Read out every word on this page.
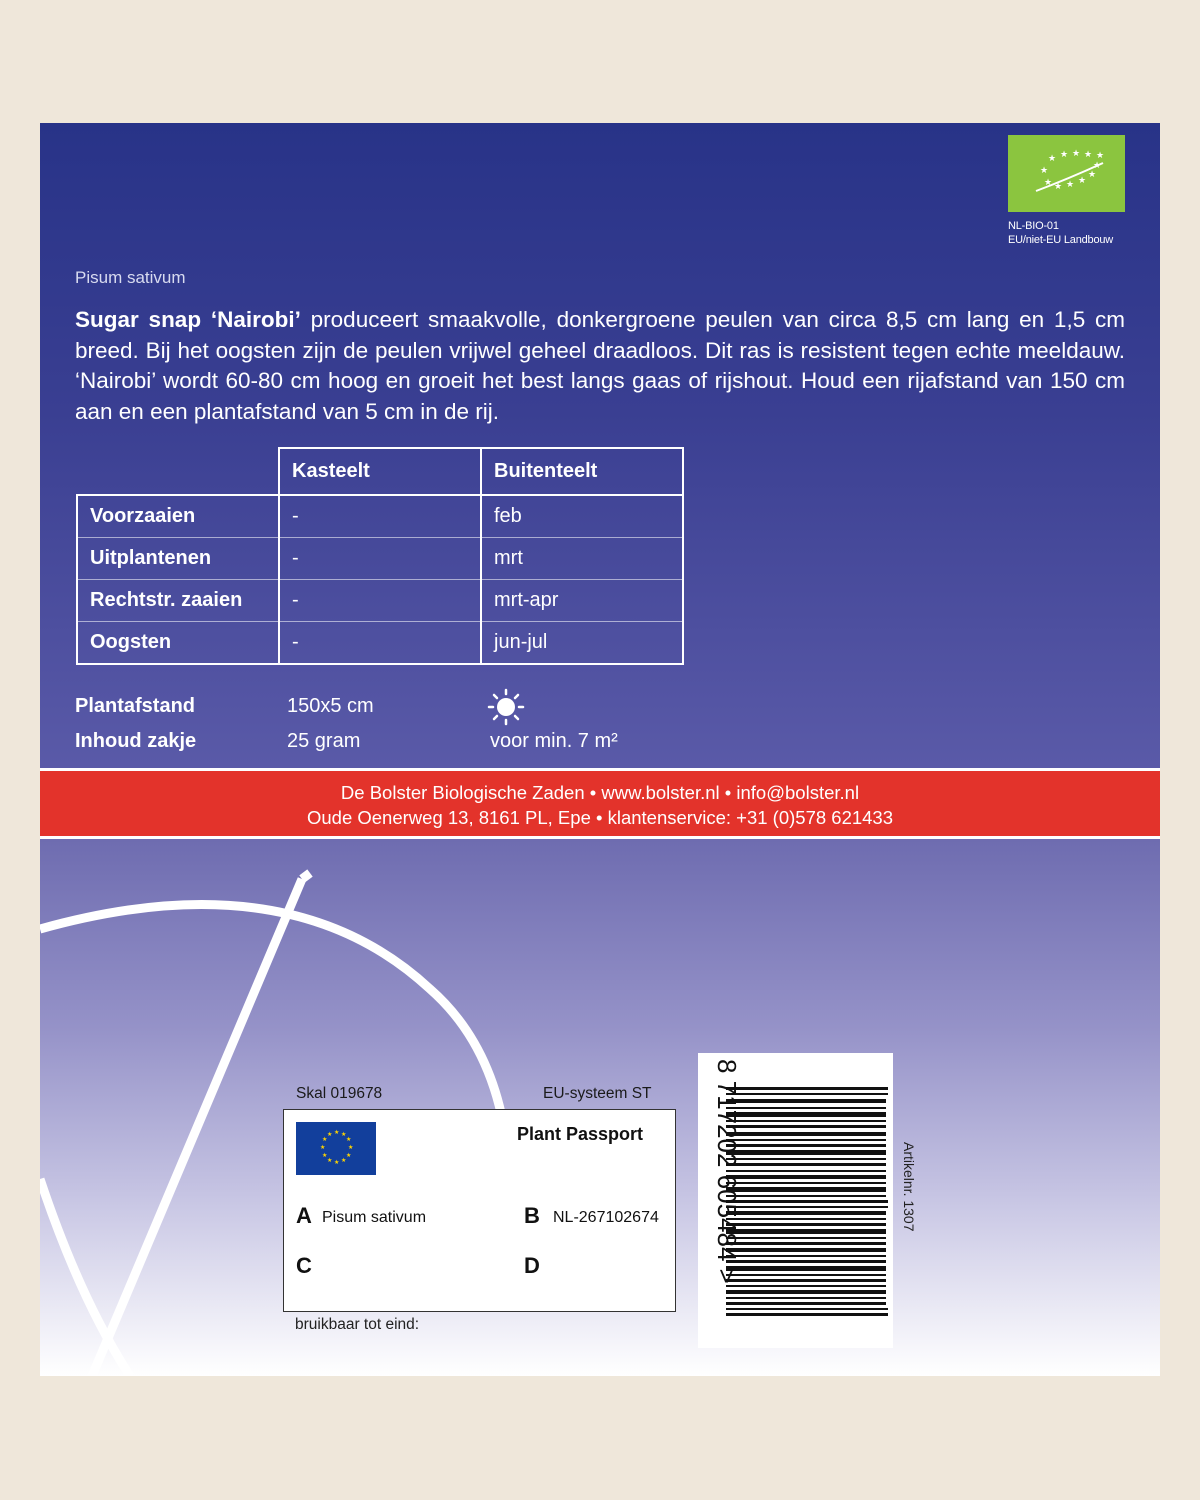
★ ★ ★ ★ ★
★
★
★
★
★
★
★
NL-BIO-01
EU/niet-EU Landbouw
Pisum sativum
Sugar snap ‘Nairobi’ produceert smaakvolle, donkergroene peulen van circa 8,5 cm lang en 1,5 cm breed. Bij het oogsten zijn de peulen vrijwel geheel draadloos. Dit ras is resistent tegen echte meeldauw. ‘Nairobi’ wordt 60-80 cm hoog en groeit het best langs gaas of rijshout. Houd een rijafstand van 150 cm aan en een plantafstand van 5 cm in de rij.
	Kasteelt	Buitenteelt
Voorzaaien	-	feb
Uitplantenen	-	mrt
Rechtstr. zaaien	-	mrt-apr
Oogsten	-	jun-jul
Plantafstand	150x5 cm
Inhoud zakje	25 gram	voor min. 7 m²
De Bolster Biologische Zaden • www.bolster.nl • info@bolster.nl
Oude Oenerweg 13, 8161 PL, Epe • klantenservice: +31 (0)578 621433
Skal 019678	EU-systeem ST
★ ★
★
★
★
★
★
★
★
★
★
★	Plant Passport
A Pisum sativum	B NL-267102674
C	D
bruikbaar tot eind:
8 717202 605484 >	Artikelnr. 1307
